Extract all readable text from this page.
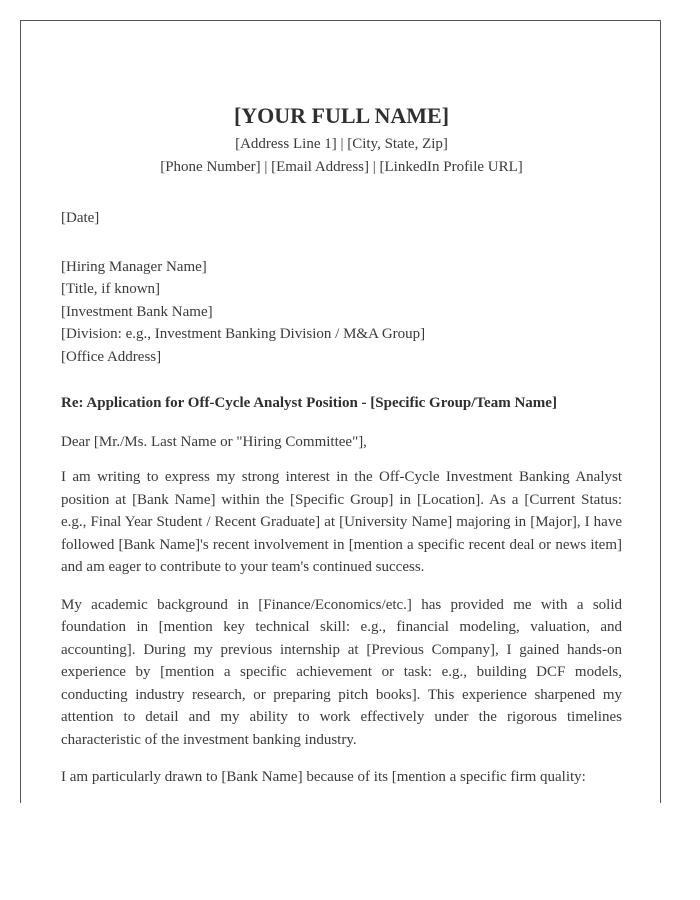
[YOUR FULL NAME]
[Address Line 1] | [City, State, Zip]
[Phone Number] | [Email Address] | [LinkedIn Profile URL]
[Date]
[Hiring Manager Name]
[Title, if known]
[Investment Bank Name]
[Division: e.g., Investment Banking Division / M&A Group]
[Office Address]
Re: Application for Off-Cycle Analyst Position - [Specific Group/Team Name]
Dear [Mr./Ms. Last Name or "Hiring Committee"],

I am writing to express my strong interest in the Off-Cycle Investment Banking Analyst position at [Bank Name] within the [Specific Group] in [Location]. As a [Current Status: e.g., Final Year Student / Recent Graduate] at [University Name] majoring in [Major], I have followed [Bank Name]'s recent involvement in [mention a specific recent deal or news item] and am eager to contribute to your team's continued success.

My academic background in [Finance/Economics/etc.] has provided me with a solid foundation in [mention key technical skill: e.g., financial modeling, valuation, and accounting]. During my previous internship at [Previous Company], I gained hands-on experience by [mention a specific achievement or task: e.g., building DCF models, conducting industry research, or preparing pitch books]. This experience sharpened my attention to detail and my ability to work effectively under the rigorous timelines characteristic of the investment banking industry.

I am particularly drawn to [Bank Name] because of its [mention a specific firm quality:
